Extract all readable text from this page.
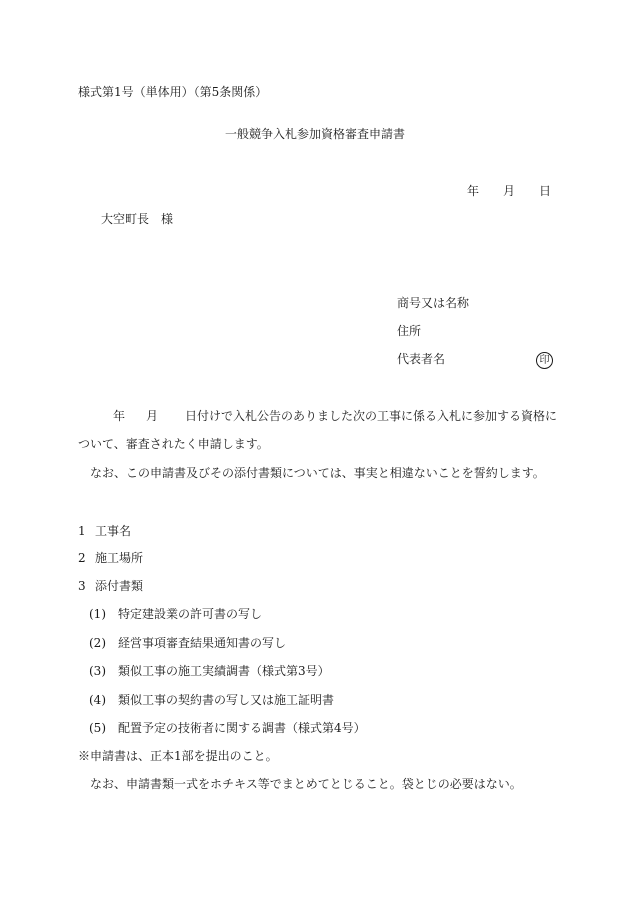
様式第1号（単体用）（第5条関係）
一般競争入札参加資格審査申請書
年 月 日
大空町長　様
商号又は名称
住所
代表者名	印
年 月 日付けで入札公告のありました次の工事に係る入札に参加する資格に
ついて、審査されたく申請します。
なお、この申請書及びその添付書類については、事実と相違ないことを誓約します。
1 工事名
2 施工場所
3 添付書類
(1) 特定建設業の許可書の写し
(2) 経営事項審査結果通知書の写し
(3) 類似工事の施工実績調書（様式第3号）
(4) 類似工事の契約書の写し又は施工証明書
(5) 配置予定の技術者に関する調書（様式第4号）
※申請書は、正本1部を提出のこと。
なお、申請書類一式をホチキス等でまとめてとじること。袋とじの必要はない。
